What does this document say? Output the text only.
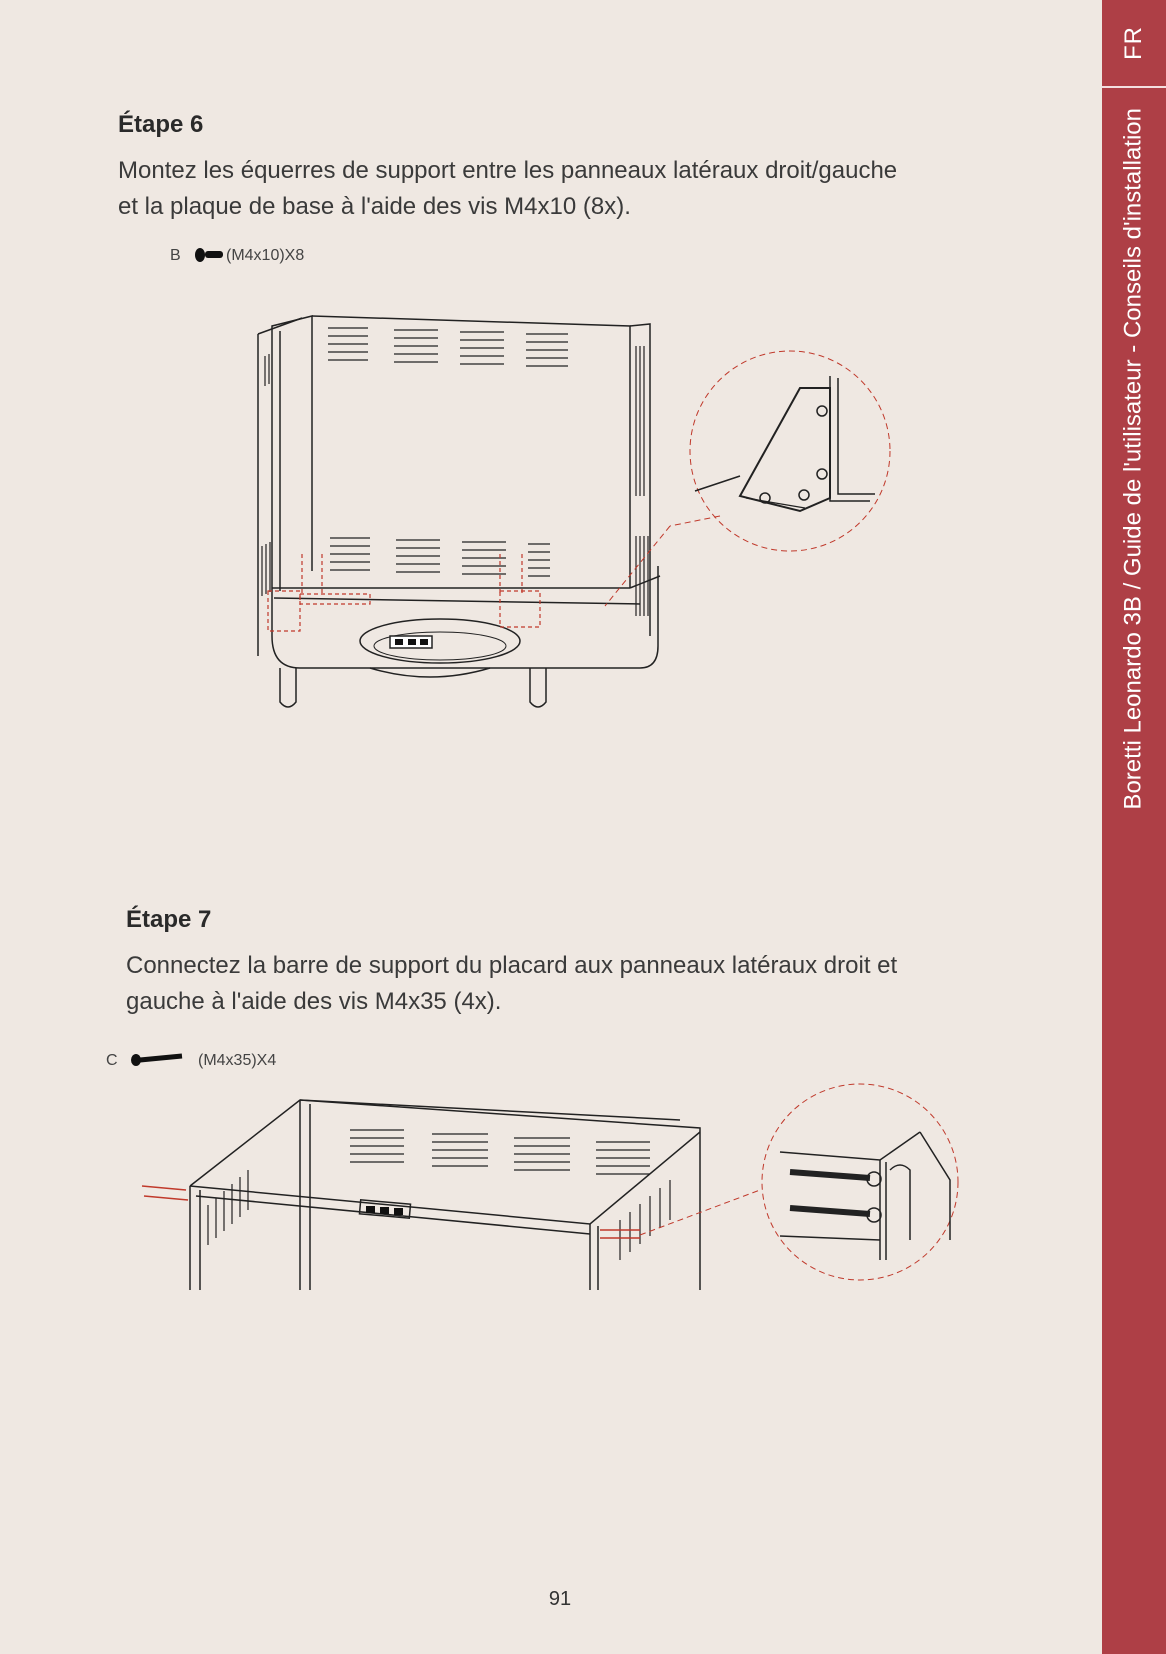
FR
Boretti Leonardo 3B / Guide de l'utilisateur - Conseils d'installation
Étape 6

Montez les équerres de support entre les panneaux latéraux droit/gauche et la plaque de base à l'aide des vis M4x10 (8x).

B	(M4x10)X8
Étape 7

Connectez la barre de support du placard aux panneaux latéraux droit et gauche à l'aide des vis M4x35 (4x).

C	(M4x35)X4
91
